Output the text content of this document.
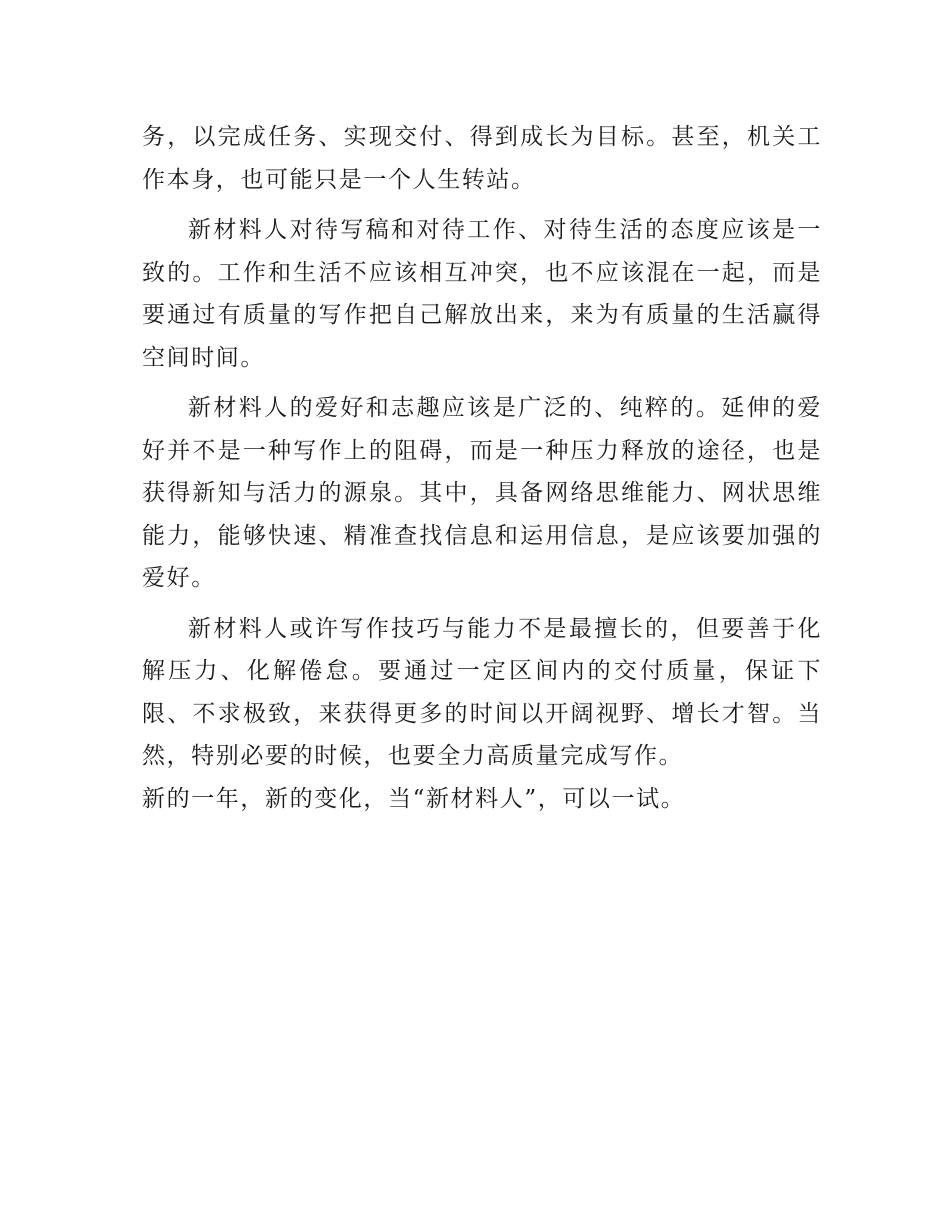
务，以完成任务、实现交付、得到成长为目标。甚至，机关工作本身，也可能只是一个人生转站。

新材料人对待写稿和对待工作、对待生活的态度应该是一致的。工作和生活不应该相互冲突，也不应该混在一起，而是要通过有质量的写作把自己解放出来，来为有质量的生活赢得空间时间。

新材料人的爱好和志趣应该是广泛的、纯粹的。延伸的爱好并不是一种写作上的阻碍，而是一种压力释放的途径，也是获得新知与活力的源泉。其中，具备网络思维能力、网状思维能力，能够快速、精准查找信息和运用信息，是应该要加强的爱好。

新材料人或许写作技巧与能力不是最擅长的，但要善于化解压力、化解倦怠。要通过一定区间内的交付质量，保证下限、不求极致，来获得更多的时间以开阔视野、增长才智。当然，特别必要的时候，也要全力高质量完成写作。

新的一年，新的变化，当“新材料人”，可以一试。
